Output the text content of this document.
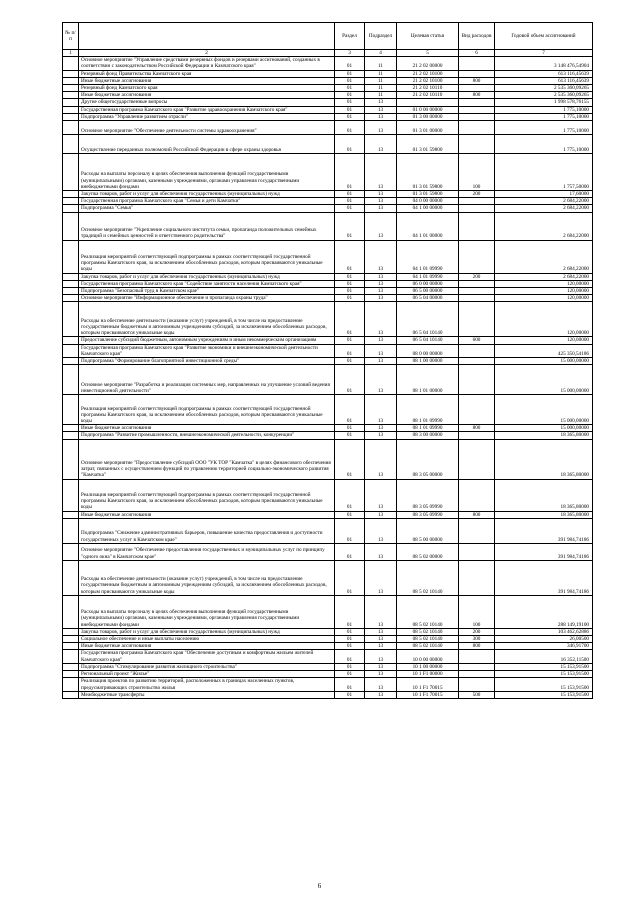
№ п/п		Раздел	Подраздел	Целевая статья	Вид расходов	Годовой объем ассигнований
1	2	3	4	5	6	7
	Основное мероприятие "Управление средствами резервных фондов и резервами ассигнований, созданных в соответствии с законодательством Российской Федерации и Камчатского края"	01	11	21 2 02 00000		3 148 476,54904
	Резервный фонд Правительства Камчатского края	01	11	21 2 02 10100		613 116,45639
	Иные бюджетные ассигнования	01	11	21 2 02 10100	800	613 116,45639
	Резервный фонд Камчатского края	01	11	21 2 02 10110		2 535 360,09265
	Иные бюджетные ассигнования	01	11	21 2 02 10110	800	2 535 360,09265
	Другие общегосударственные вопросы	01	13			1 998 578,76155
	Государственная программа Камчатского края "Развитие здравоохранения Камчатского края"	01	13	01 0 00 00000		1 775,10000
	Подпрограмма "Управление развитием отрасли"	01	13	01 3 00 00000		1 775,10000
	Основное мероприятие "Обеспечение деятельности системы здравоохранения"	01	13	01 3 01 00000		1 775,10000
	Осуществление переданных полномочий Российской Федерации в сфере охраны здоровья	01	13	01 3 01 59800		1 775,10000
	Расходы на выплаты персоналу в целях обеспечения выполнения функций государственными (муниципальными) органами, казенными учреждениями, органами управления государственными внебюджетными фондами	01	13	01 3 01 59800	100	1 757,50000
	Закупка товаров, работ и услуг для обеспечения государственных (муниципальных) нужд	01	13	01 3 01 59800	200	17,60000
	Государственная программа Камчатского края "Семья и дети Камчатки"	01	13	04 0 00 00000		2 684,22000
	Подпрограмма "Семья"	01	13	04 1 00 00000		2 684,22000
	Основное мероприятие "Укрепление социального института семьи, пропаганда положительных семейных традиций и семейных ценностей и ответственного родительства"	01	13	04 1 01 00000		2 684,22000
	Реализация мероприятий соответствующей подпрограммы в рамках соответствующей государственной программы Камчатского края, за исключением обособленных расходов, которым присваиваются уникальные коды	01	13	04 1 01 09990		2 684,22000
	Закупка товаров, работ и услуг для обеспечения государственных (муниципальных) нужд	01	13	04 1 01 09990	200	2 684,22000
	Государственная программа Камчатского края "Содействие занятости населения Камчатского края"	01	13	06 0 00 00000		120,00000
	Подпрограмма "Безопасный труд в Камчатском крае"	01	13	06 5 00 00000		120,00000
	Основное мероприятие "Информационное обеспечение и пропаганда охраны труда"	01	13	06 5 04 00000		120,00000
	Расходы на обеспечение деятельности (оказание услуг) учреждений, в том числе на предоставление государственным бюджетным и автономным учреждениям субсидий, за исключением обособленных расходов, которым присваиваются уникальные коды	01	13	06 5 04 10140		120,00000
	Предоставление субсидий бюджетным, автономным учреждениям и иным некоммерческим организациям	01	13	06 5 04 10140	600	120,00000
	Государственная программа Камчатского края "Развитие экономики и внешнеэкономической деятельности Камчатского края"	01	13	08 0 00 00000		425 350,54186
	Подпрограмма "Формирование благоприятной инвестиционной среды"	01	13	08 1 00 00000		15 000,00000
	Основное мероприятие "Разработка и реализация системных мер, направленных на улучшение условий ведения инвестиционной деятельности"	01	13	08 1 01 00000		15 000,00000
	Реализация мероприятий соответствующей подпрограммы в рамках соответствующей государственной программы Камчатского края, за исключением обособленных расходов, которым присваиваются уникальные коды	01	13	08 1 01 09990		15 000,00000
	Иные бюджетные ассигнования	01	13	08 1 01 09990	800	15 000,00000
	Подпрограмма "Развитие промышленности, внешнеэкономической деятельности, конкуренции"	01	13	08 3 00 00000		18 365,80000
	Основное мероприятие "Предоставление субсидий ООО "УК ТОР "Камчатка" в целях финансового обеспечения затрат, связанных с осуществлением функций по управлению территорией социально-экономического развития "Камчатка"	01	13	08 3 05 00000		18 365,80000
	Реализация мероприятий соответствующей подпрограммы в рамках соответствующей государственной программы Камчатского края, за исключением обособленных расходов, которым присваиваются уникальные коды	01	13	08 3 05 09990		18 365,80000
	Иные бюджетные ассигнования	01	13	08 3 05 09990	800	18 365,80000
	Подпрограмма "Снижение административных барьеров, повышение качества предоставления и доступности государственных услуг в Камчатском крае"	01	13	08 5 00 00000		391 984,74186
	Основное мероприятие "Обеспечение предоставления государственных и муниципальных услуг по принципу "одного окна" в Камчатском крае"	01	13	08 5 02 00000		391 984,74186
	Расходы на обеспечение деятельности (оказание услуг) учреждений, в том числе на предоставление государственным бюджетным и автономным учреждениям субсидий, за исключением обособленных расходов, которым присваиваются уникальные коды	01	13	08 5 02 10140		391 984,74186
	Расходы на выплаты персоналу в целях обеспечения выполнения функций государственными (муниципальными) органами, казенными учреждениями, органами управления государственными внебюджетными фондами	01	13	08 5 02 10140	100	288 149,19100
	Закупка товаров, работ и услуг для обеспечения государственных (муниципальных) нужд	01	13	08 5 02 10140	200	103 462,62886
	Социальное обеспечение и иные выплаты населению	01	13	08 5 02 10140	300	26,00500
	Иные бюджетные ассигнования	01	13	08 5 02 10140	800	346,91700
	Государственная программа Камчатского края "Обеспечение доступным и комфортным жильем жителей Камчатского края"	01	13	10 0 00 00000		16 352,11500
	Подпрограмма "Стимулирование развития жилищного строительства"	01	13	10 1 00 00000		15 153,91500
	Региональный проект "Жилье"	01	13	10 1 F1 00000		15 153,91500
	Реализация проектов по развитию территорий, расположенных в границах населенных пунктов, предусматривающих строительство жилья	01	13	10 1 F1 70015		15 153,91500
	Межбюджетные трансферты	01	13	10 1 F1 70015	500	15 153,91500
6
